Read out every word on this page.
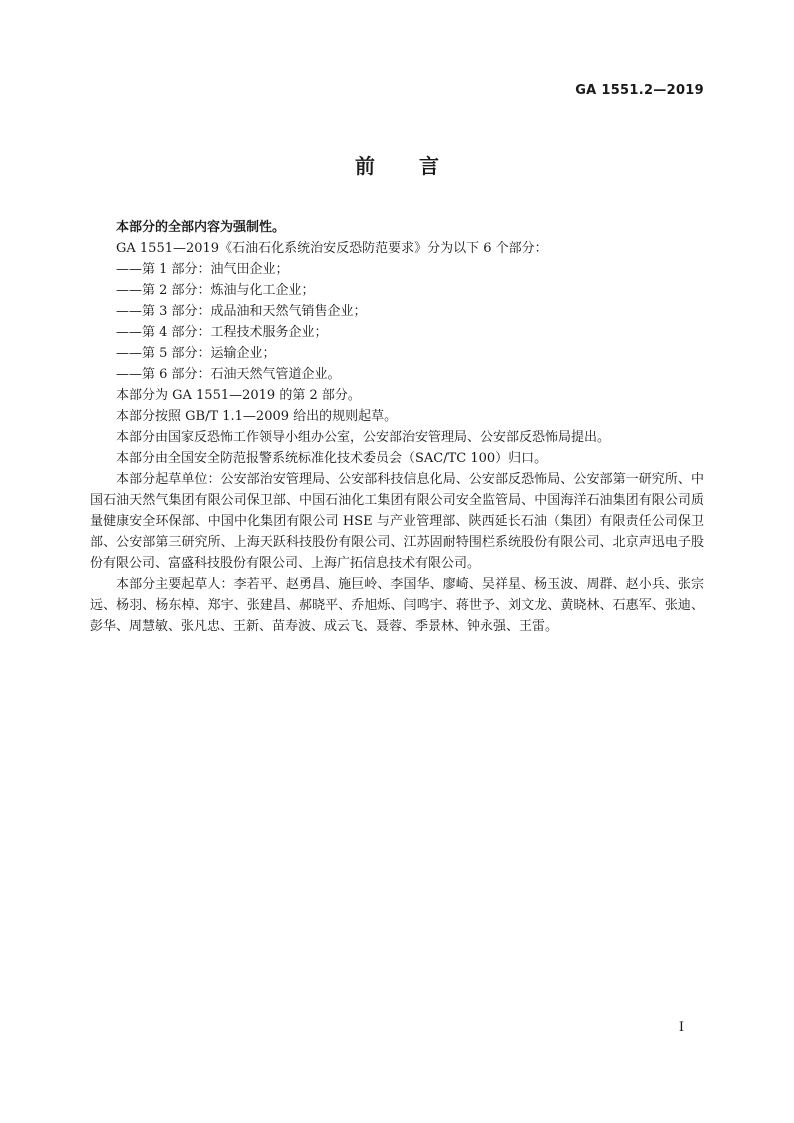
GA 1551.2—2019
前言

本部分的全部内容为强制性。

GA 1551—2019《石油石化系统治安反恐防范要求》分为以下 6 个部分：

——第 1 部分：油气田企业；

——第 2 部分：炼油与化工企业；

——第 3 部分：成品油和天然气销售企业；

——第 4 部分：工程技术服务企业；

——第 5 部分：运输企业；

——第 6 部分：石油天然气管道企业。

本部分为 GA 1551—2019 的第 2 部分。

本部分按照 GB/T 1.1—2009 给出的规则起草。

本部分由国家反恐怖工作领导小组办公室，公安部治安管理局、公安部反恐怖局提出。

本部分由全国安全防范报警系统标准化技术委员会（SAC/TC 100）归口。

本部分起草单位：公安部治安管理局、公安部科技信息化局、公安部反恐怖局、公安部第一研究所、中国石油天然气集团有限公司保卫部、中国石油化工集团有限公司安全监管局、中国海洋石油集团有限公司质量健康安全环保部、中国中化集团有限公司 HSE 与产业管理部、陕西延长石油（集团）有限责任公司保卫部、公安部第三研究所、上海天跃科技股份有限公司、江苏固耐特围栏系统股份有限公司、北京声迅电子股份有限公司、富盛科技股份有限公司、上海广拓信息技术有限公司。

本部分主要起草人：李若平、赵勇昌、施巨岭、李国华、廖崎、吴祥星、杨玉波、周群、赵小兵、张宗远、杨羽、杨东棹、郑宇、张建昌、郝晓平、乔旭烁、闫鸣宇、蒋世予、刘文龙、黄晓林、石惠军、张迪、彭华、周慧敏、张凡忠、王新、苗寿波、成云飞、聂蓉、季景林、钟永强、王雷。

I
